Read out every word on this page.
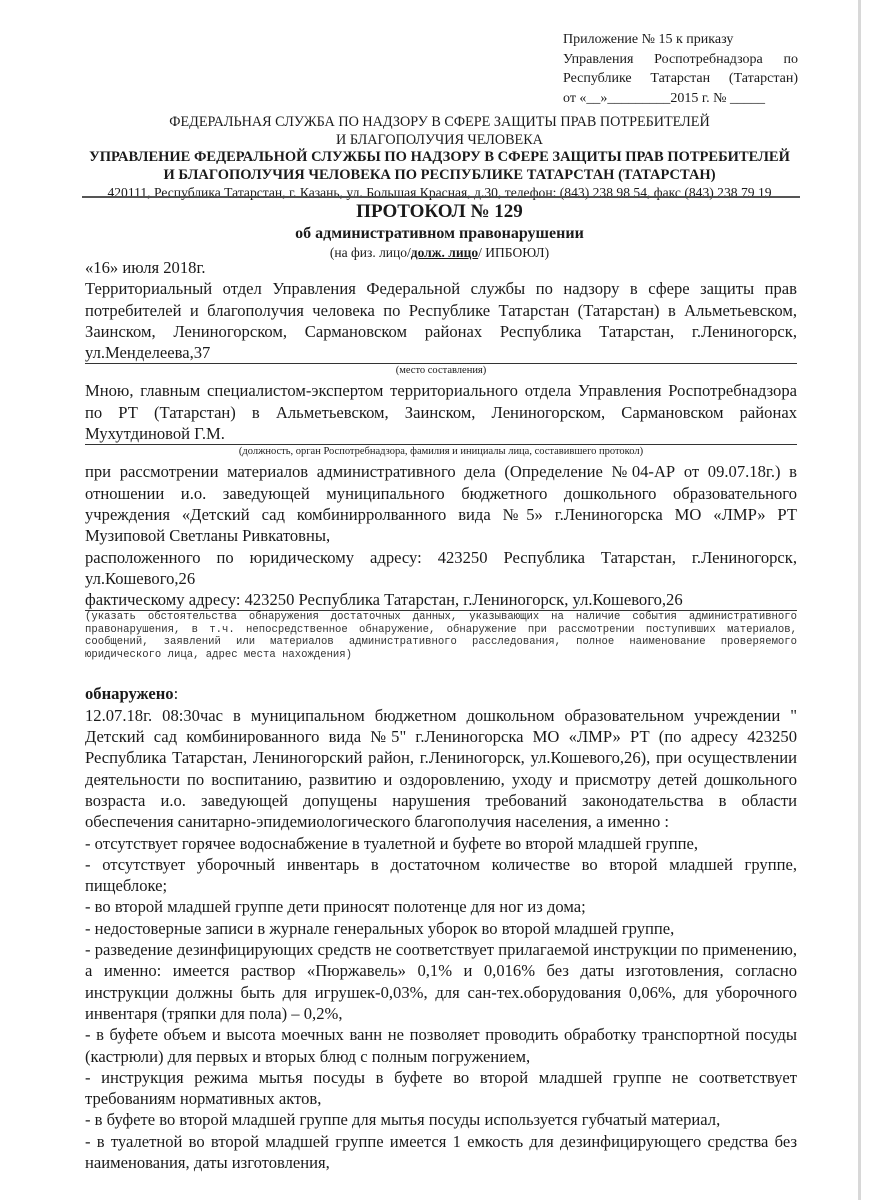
Приложение № 15 к приказу
Управления Роспотребнадзора по
Республике Татарстан (Татарстан)
от «__»_________2015 г. № _____
ФЕДЕРАЛЬНАЯ СЛУЖБА ПО НАДЗОРУ В СФЕРЕ ЗАЩИТЫ ПРАВ ПОТРЕБИТЕЛЕЙ
И БЛАГОПОЛУЧИЯ ЧЕЛОВЕКА
УПРАВЛЕНИЕ ФЕДЕРАЛЬНОЙ СЛУЖБЫ ПО НАДЗОРУ В СФЕРЕ ЗАЩИТЫ ПРАВ ПОТРЕБИТЕЛЕЙ
И БЛАГОПОЛУЧИЯ ЧЕЛОВЕКА ПО РЕСПУБЛИКЕ ТАТАРСТАН (ТАТАРСТАН)
420111, Республика Татарстан, г. Казань, ул. Большая Красная, д.30, телефон: (843) 238 98 54, факс (843) 238 79 19
ПРОТОКОЛ № 129
об административном правонарушении
(на физ. лицо/долж. лицо/ ИПБОЮЛ)

«16» июля 2018г.

Территориальный отдел Управления Федеральной службы по надзору в сфере защиты прав потребителей и благополучия человека по Республике Татарстан (Татарстан) в Альметьевском, Заинском, Лениногорском, Сармановском районах Республика Татарстан, г.Лениногорск, ул.Менделеева,37

(место составления)

Мною, главным специалистом-экспертом территориального отдела Управления Роспотребнадзора по РТ (Татарстан) в Альметьевском, Заинском, Лениногорском, Сармановском районах Мухутдиновой Г.М.

(должность, орган Роспотребнадзора, фамилия и инициалы лица, составившего протокол)

при рассмотрении материалов административного дела (Определение №04-АР от 09.07.18г.) в отношении и.о. заведующей муниципального бюджетного дошкольного образовательного учреждения «Детский сад комбинирролванного вида №5» г.Лениногорска МО «ЛМР» РТ Музиповой Светланы Ривкатовны,

расположенного по юридическому адресу: 423250 Республика Татарстан, г.Лениногорск, ул.Кошевого,26

фактическому адресу: 423250 Республика Татарстан, г.Лениногорск, ул.Кошевого,26

(указать обстоятельства обнаружения достаточных данных, указывающих на наличие события административного правонарушения, в т.ч. непосредственное обнаружение, обнаружение при рассмотрении поступивших материалов, сообщений, заявлений или материалов административного расследования, полное наименование проверяемого юридического лица, адрес места нахождения)

обнаружено:

12.07.18г. 08:30час в муниципальном бюджетном дошкольном образовательном учреждении " Детский сад комбинированного вида №5" г.Лениногорска МО «ЛМР» РТ (по адресу 423250 Республика Татарстан, Лениногорский район, г.Лениногорск, ул.Кошевого,26), при осуществлении деятельности по воспитанию, развитию и оздоровлению, уходу и присмотру детей дошкольного возраста и.о. заведующей допущены нарушения требований законодательства в области обеспечения санитарно-эпидемиологического благополучия населения, а именно :

- отсутствует горячее водоснабжение в туалетной и буфете во второй младшей группе,

- отсутствует уборочный инвентарь в достаточном количестве во второй младшей группе, пищеблоке;

- во второй младшей группе дети приносят полотенце для ног из дома;

- недостоверные записи в журнале генеральных уборок во второй младшей группе,

- разведение дезинфицирующих средств не соответствует прилагаемой инструкции по применению, а именно: имеется раствор «Пюржавель» 0,1% и 0,016% без даты изготовления, согласно инструкции должны быть для игрушек-0,03%, для сан-тех.оборудования 0,06%, для уборочного инвентаря (тряпки для пола) – 0,2%,

- в буфете объем и высота моечных ванн не позволяет проводить обработку транспортной посуды (кастрюли) для первых и вторых блюд с полным погружением,

- инструкция режима мытья посуды в буфете во второй младшей группе не соответствует требованиям нормативных актов,

- в буфете во второй младшей группе для мытья посуды используется губчатый материал,

- в туалетной во второй младшей группе имеется 1 емкость для дезинфицирующего средства без наименования, даты изготовления,
